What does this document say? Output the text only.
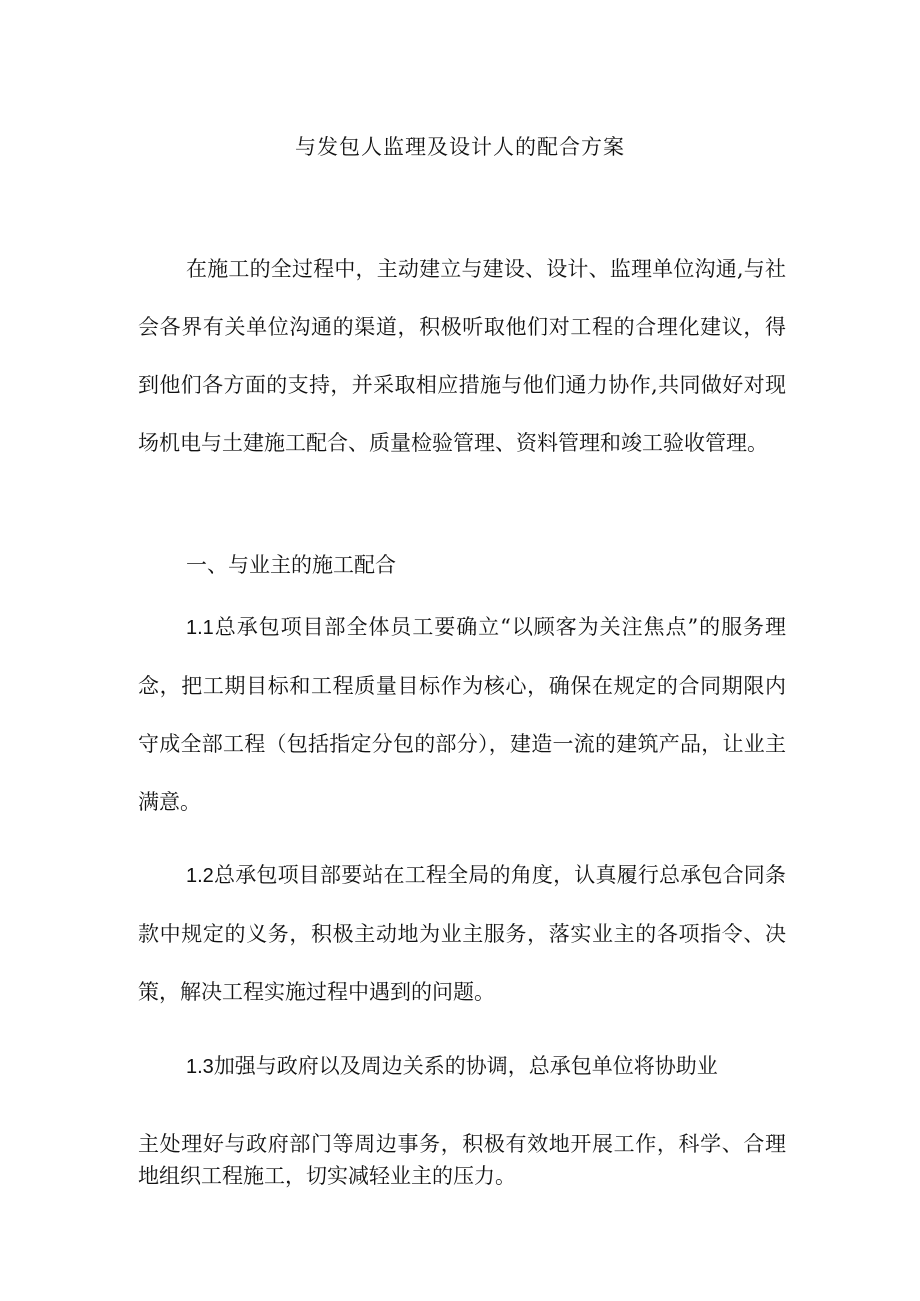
与发包人监理及设计人的配合方案

在施工的全过程中，主动建立与建设、设计、监理单位沟通,与社会各界有关单位沟通的渠道，积极听取他们对工程的合理化建议，得到他们各方面的支持，并采取相应措施与他们通力协作,共同做好对现场机电与土建施工配合、质量检验管理、资料管理和竣工验收管理。

一、与业主的施工配合

1.1总承包项目部全体员工要确立“以顾客为关注焦点”的服务理念，把工期目标和工程质量目标作为核心，确保在规定的合同期限内守成全部工程（包括指定分包的部分），建造一流的建筑产品，让业主满意。

1.2总承包项目部要站在工程全局的角度，认真履行总承包合同条款中规定的义务，积极主动地为业主服务，落实业主的各项指令、决策，解决工程实施过程中遇到的问题。

1.3加强与政府以及周边关系的协调，总承包单位将协助业

主处理好与政府部门等周边事务，积极有效地开展工作，科学、合理地组织工程施工，切实减轻业主的压力。
